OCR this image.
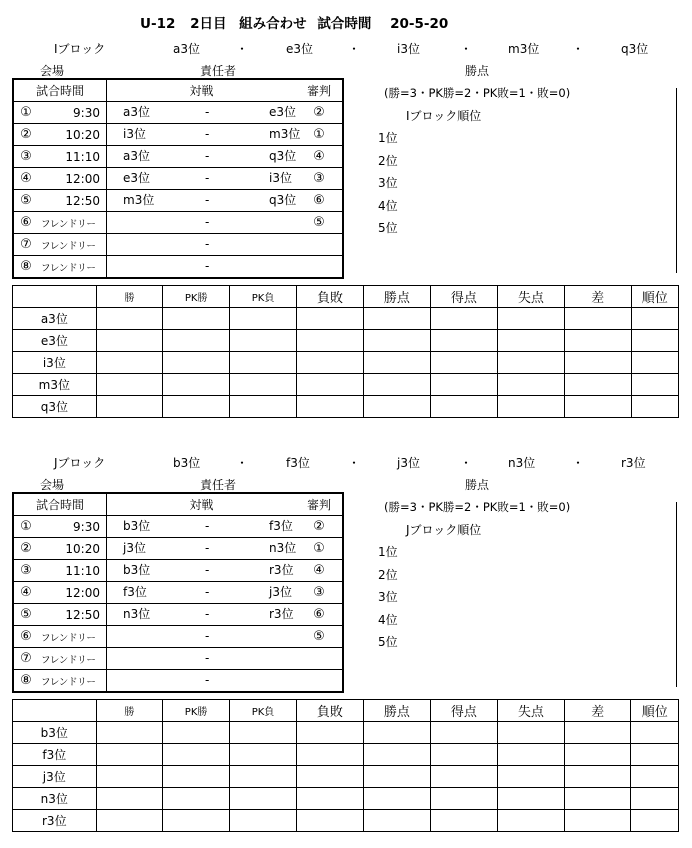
U-12 2日目 組み合わせ 試合時間 20-5-20
Iブロック	a3位	e3位	i3位	m3位	q3位
・	・	・	・
会場	責任者	勝点
試合時間		対戦	審判
①	9:30	a3位 - e3位	②
②	10:20	i3位 - m3位	①
③	11:10	a3位 - q3位	④
④	12:00	e3位 - i3位	③
⑤	12:50	m3位 - q3位	⑥
⑥	フレンドリー	-	⑤
⑦	フレンドリー	-	

⑧	フレンドリー	-	

(勝=3・PK勝=2・PK敗=1・敗=0)
Iブロック順位
1位
2位
3位
4位
5位
	勝	PK勝	PK負	負敗	勝点	得点	失点	差	順位
a3位									
e3位									
i3位									
m3位									
q3位									
Jブロック	b3位	f3位	j3位	n3位	r3位
・	・	・	・
会場	責任者	勝点
試合時間		対戦	審判
①	9:30	b3位 - f3位	②
②	10:20	j3位 - n3位	①
③	11:10	b3位 - r3位	④
④	12:00	f3位 - j3位	③
⑤	12:50	n3位 - r3位	⑥
⑥	フレンドリー	-	⑤
⑦	フレンドリー	-	

⑧	フレンドリー	-	

(勝=3・PK勝=2・PK敗=1・敗=0)
Jブロック順位
1位
2位
3位
4位
5位
	勝	PK勝	PK負	負敗	勝点	得点	失点	差	順位
b3位									
f3位									
j3位									
n3位									
r3位									
